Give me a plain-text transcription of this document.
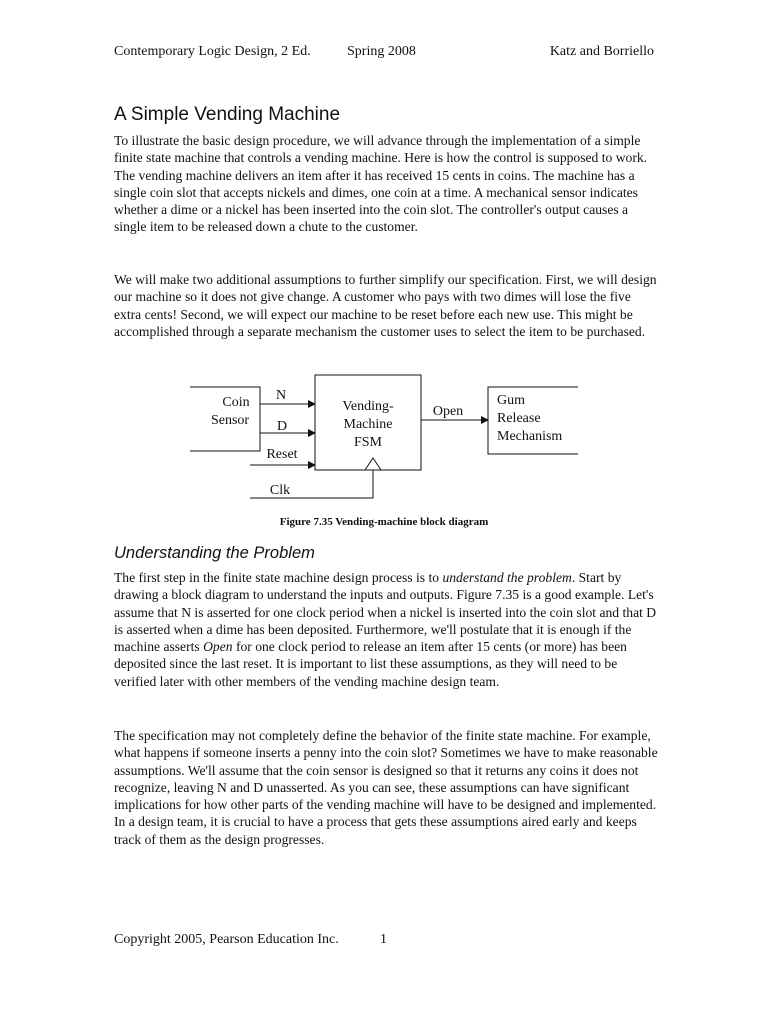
Contemporary Logic Design, 2 Ed.	Spring 2008	Katz and Borriello
A Simple Vending Machine

To illustrate the basic design procedure, we will advance through the implementation of a simple finite state machine that controls a vending machine. Here is how the control is supposed to work. The vending machine delivers an item after it has received 15 cents in coins. The machine has a single coin slot that accepts nickels and dimes, one coin at a time. A mechanical sensor indicates whether a dime or a nickel has been inserted into the coin slot. The controller's output causes a single item to be released down a chute to the customer.

We will make two additional assumptions to further simplify our specification. First, we will design our machine so it does not give change. A customer who pays with two dimes will lose the five extra cents! Second, we will expect our machine to be reset before each new use. This might be accomplished through a separate mechanism the customer uses to select the item to be purchased.

Coin
Sensor
N
D
Reset
Vending-
Machine
FSM
Clk
Open
Gum
Release
Mechanism
Figure 7.35 Vending-machine block diagram
Understanding the Problem

The first step in the finite state machine design process is to understand the problem. Start by drawing a block diagram to understand the inputs and outputs. Figure 7.35 is a good example. Let's assume that N is asserted for one clock period when a nickel is inserted into the coin slot and that D is asserted when a dime has been deposited. Furthermore, we'll postulate that it is enough if the machine asserts Open for one clock period to release an item after 15 cents (or more) has been deposited since the last reset. It is important to list these assumptions, as they will need to be verified later with other members of the vending machine design team.

The specification may not completely define the behavior of the finite state machine. For example, what happens if someone inserts a penny into the coin slot? Sometimes we have to make reasonable assumptions. We'll assume that the coin sensor is designed so that it returns any coins it does not recognize, leaving N and D unasserted. As you can see, these assumptions can have significant implications for how other parts of the vending machine will have to be designed and implemented. In a design team, it is crucial to have a process that gets these assumptions aired early and keeps track of them as the design progresses.

Copyright 2005, Pearson Education Inc.	1
